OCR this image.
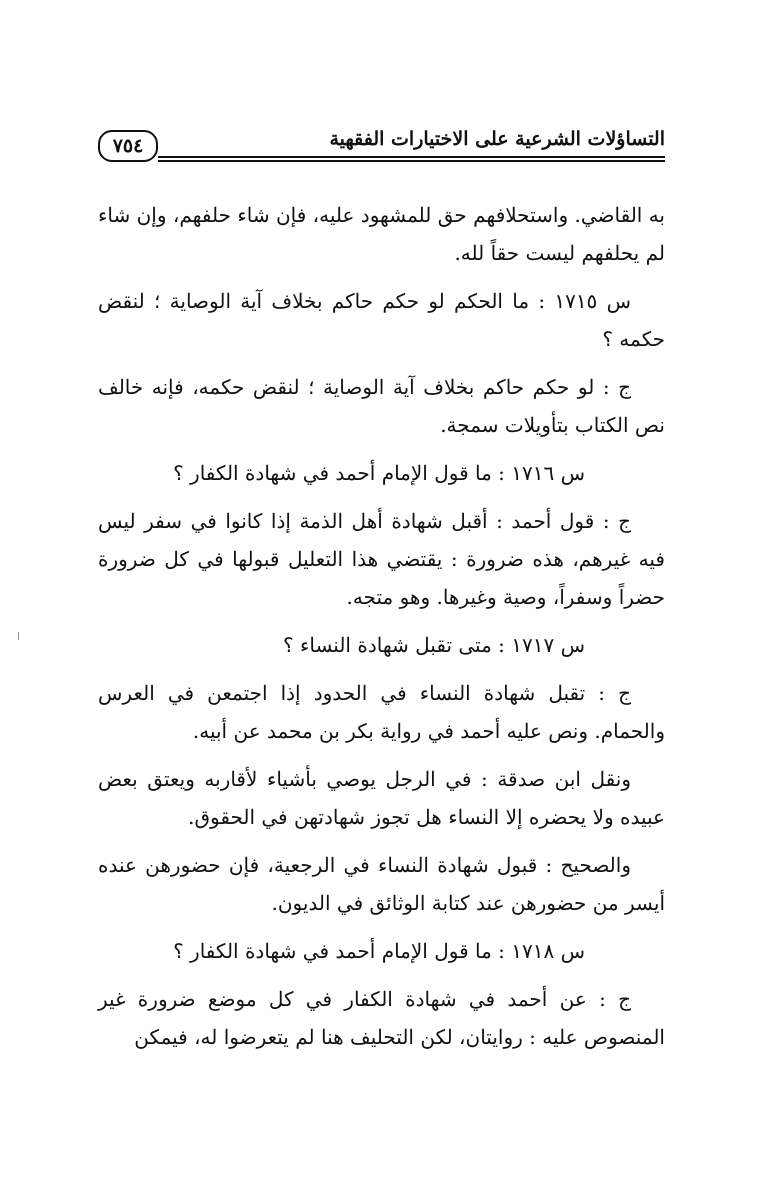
التساؤلات الشرعية على الاختيارات الفقهية
٧٥٤

به القاضي. واستحلافهم حق للمشهود عليه، فإن شاء حلفهم، وإن شاء لم يحلفهم ليست حقاً لله.

س ١٧١٥ : ما الحكم لو حكم حاكم بخلاف آية الوصاية ؛ لنقض حكمه ؟

ج : لو حكم حاكم بخلاف آية الوصاية ؛ لنقض حكمه، فإنه خالف نص الكتاب بتأويلات سمجة.

س ١٧١٦ : ما قول الإمام أحمد في شهادة الكفار ؟

ج : قول أحمد : أقبل شهادة أهل الذمة إذا كانوا في سفر ليس فيه غيرهم، هذه ضرورة : يقتضي هذا التعليل قبولها في كل ضرورة حضراً وسفراً، وصية وغيرها. وهو متجه.

س ١٧١٧ : متى تقبل شهادة النساء ؟

ج : تقبل شهادة النساء في الحدود إذا اجتمعن في العرس والحمام. ونص عليه أحمد في رواية بكر بن محمد عن أبيه.

ونقل ابن صدقة : في الرجل يوصي بأشياء لأقاربه ويعتق بعض عبيده ولا يحضره إلا النساء هل تجوز شهادتهن في الحقوق.

والصحيح : قبول شهادة النساء في الرجعية، فإن حضورهن عنده أيسر من حضورهن عند كتابة الوثائق في الديون.

س ١٧١٨ : ما قول الإمام أحمد في شهادة الكفار ؟

ج : عن أحمد في شهادة الكفار في كل موضع ضرورة غير المنصوص عليه : روايتان، لكن التحليف هنا لم يتعرضوا له، فيمكن
